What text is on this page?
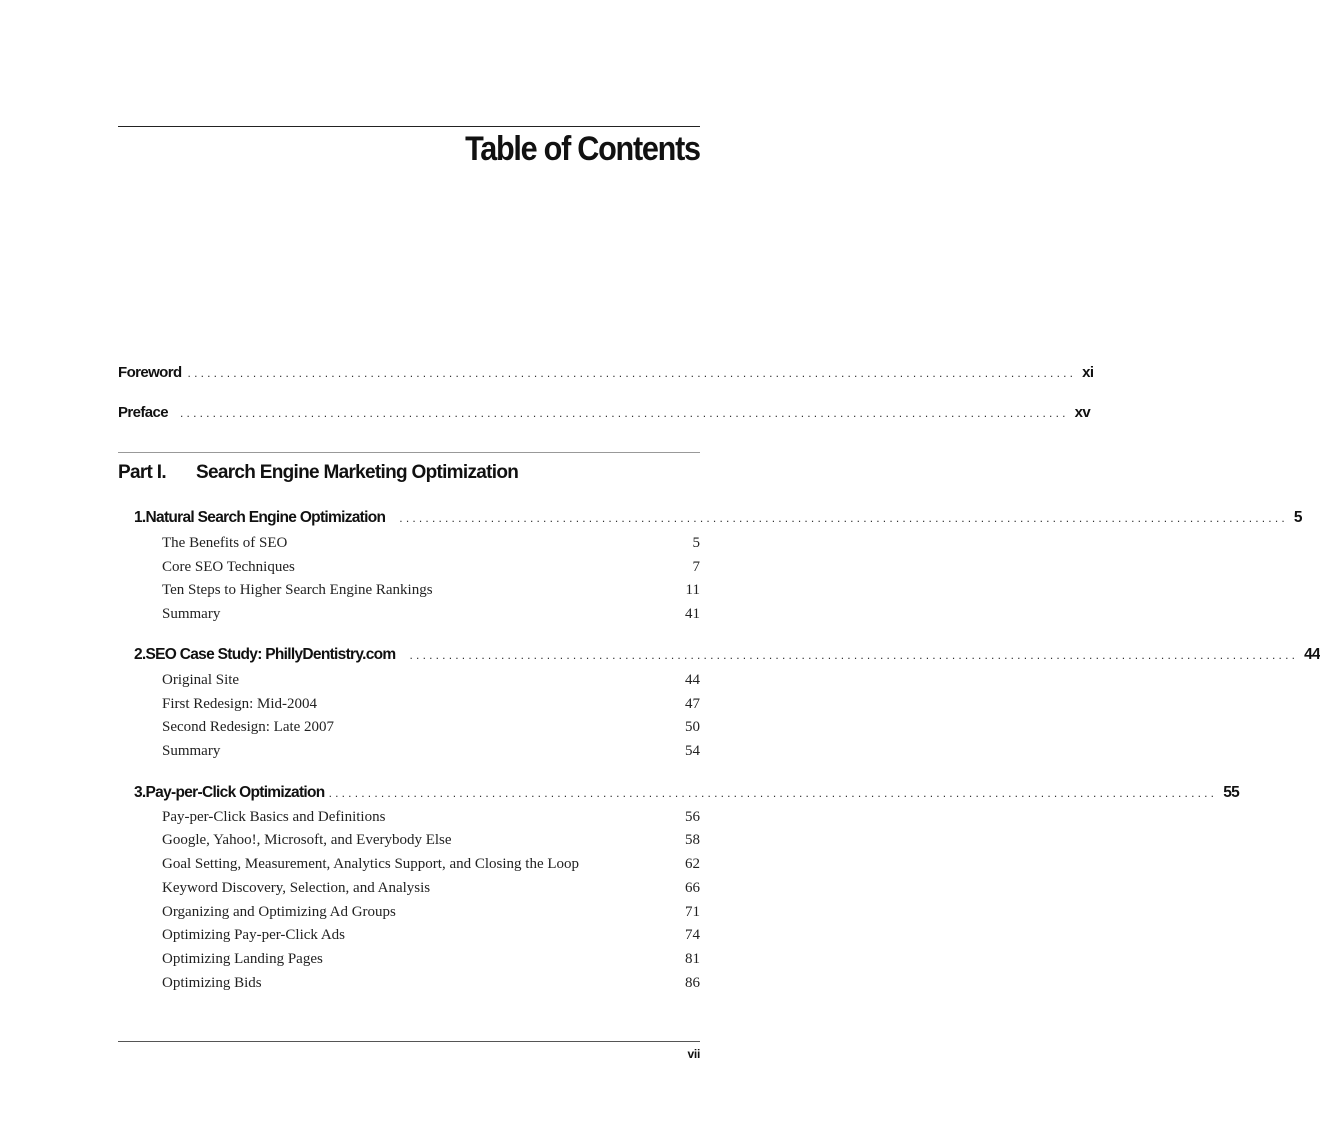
Table of Contents
Foreword ........................................................................................................................................ xi
Preface ........................................................................................................................................ xv
Part I. Search Engine Marketing Optimization
1. Natural Search Engine Optimization ........................................................................................................................................ 5
The Benefits of SEO	5
Core SEO Techniques	7
Ten Steps to Higher Search Engine Rankings	11
Summary	41
2. SEO Case Study: PhillyDentistry.com ........................................................................................................................................ 44
Original Site	44
First Redesign: Mid-2004	47
Second Redesign: Late 2007	50
Summary	54
3. Pay-per-Click Optimization ........................................................................................................................................ 55
Pay-per-Click Basics and Definitions	56
Google, Yahoo!, Microsoft, and Everybody Else	58
Goal Setting, Measurement, Analytics Support, and Closing the Loop	62
Keyword Discovery, Selection, and Analysis	66
Organizing and Optimizing Ad Groups	71
Optimizing Pay-per-Click Ads	74
Optimizing Landing Pages	81
Optimizing Bids	86
vii
